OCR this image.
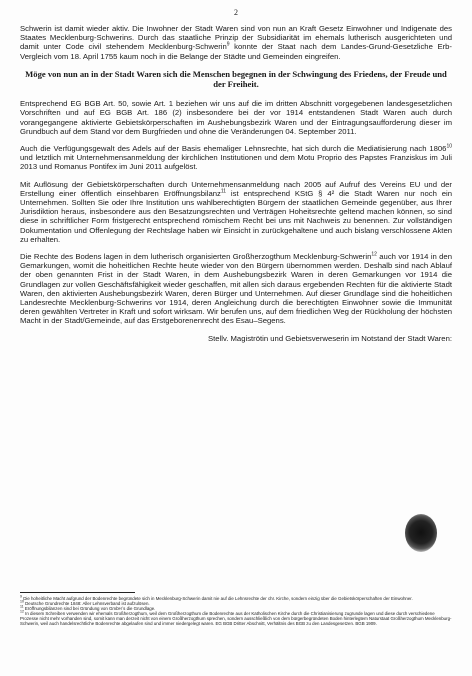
2

Schwerin ist damit wieder aktiv. Die Inwohner der Stadt Waren sind von nun an Kraft Gesetz Einwohner und Indigenate des Staates Mecklenburg-Schwerins. Durch das staatliche Prinzip der Subsidiarität im ehemals lutherisch ausgerichteten und damit unter Code civil stehendem Mecklenburg-Schwerin$^9$ konnte der Staat nach dem Landes-Grund-Gesetzliche Erb-Vergleich vom 18. April 1755 kaum noch in die Belange der Städte und Gemeinden eingreifen.

Möge von nun an in der Stadt Waren sich die Menschen begegnen in der Schwingung des Friedens, der Freude und der Freiheit.

Entsprechend EG BGB Art. 50, sowie Art. 1 beziehen wir uns auf die im dritten Abschnitt vorgegebenen landesgesetzlichen Vorschriften und auf EG BGB Art. 186 (2) insbesondere bei der vor 1914 entstandenen Stadt Waren auch durch vorangegangene aktivierte Gebietskörperschaften im Aushebungsbezirk Waren und der Eintragungsaufforderung dieser im Grundbuch auf dem Stand vor dem Burgfrieden und ohne die Veränderungen 04. September 2011.

Auch die Verfügungsgewalt des Adels auf der Basis ehemaliger Lehnsrechte, hat sich durch die Mediatisierung nach 1806$^{10}$ und letztlich mit Unternehmensanmeldung der kirchlichen Institutionen und dem Motu Proprio des Papstes Franziskus im Juli 2013 und Romanus Pontifex im Juni 2011 aufgelöst.

Mit Auflösung der Gebietskörperschaften durch Unternehmensanmeldung nach 2005 auf Aufruf des Vereins EU und der Erstellung einer öffentlich einsehbaren Eröffnungsbilanz$^{11}$ ist entsprechend KStG § 4² die Stadt Waren nur noch ein Unternehmen. Sollten Sie oder Ihre Institution uns wahlberechtigten Bürgern der staatlichen Gemeinde gegenüber, aus Ihrer Jurisdiktion heraus, insbesondere aus den Besatzungsrechten und Verträgen Hoheitsrechte geltend machen können, so sind diese in schriftlicher Form fristgerecht entsprechend römischem Recht bei uns mit Nachweis zu benennen. Zur vollständigen Dokumentation und Offenlegung der Rechtslage haben wir Einsicht in zurückgehaltene und auch bislang verschlossene Akten zu erhalten.

Die Rechte des Bodens lagen in dem lutherisch organisierten Großherzogthum Mecklenburg-Schwerin$^{12}$ auch vor 1914 in den Gemarkungen, womit die hoheitlichen Rechte heute wieder von den Bürgern übernommen werden. Deshalb sind nach Ablauf der oben genannten Frist in der Stadt Waren, in dem Aushebungsbezirk Waren in deren Gemarkungen vor 1914 die Grundlagen zur vollen Geschäftsfähigkeit wieder geschaffen, mit allen sich daraus ergebenden Rechten für die aktivierte Stadt Waren, den aktivierten Aushebungsbezirk Waren, deren Bürger und Unternehmen. Auf dieser Grundlage sind die hoheitlichen Landesrechte Mecklenburg-Schwerins vor 1914, deren Angleichung durch die berechtigten Einwohner sowie die Immunität deren gewählten Vertreter in Kraft und sofort wirksam. Wir berufen uns, auf dem friedlichen Weg der Rückholung der höchsten Macht in der Stadt/Gemeinde, auf das Erstgeborenenrecht des Esau–Segens.

Stellv. Magiströtin und Gebietsverweserin im Notstand der Stadt Waren:

$^9$ Die hoheitliche Macht aufgrund der Bodenrechte begründete sich in Mecklenburg-Schwerin damit nie auf die Lehnsrechte der chr. Kirche, sondern einzig über die Gebietskörperschaften der Einwohner.

$^{10}$ Deutsche Grundrechte 1848: Aller Lehnsverband ist aufzulösen.

$^{11}$ Eröffnungsbilanzen sind bei Gründung von GmbH´s die Grundlage.

$^{12}$ In diesem Schreiben verwenden wir ehemals Großherzogthum, weil dem Großherzogthum die Bodenrechte aus der Katholischen Kirche durch die Christianisierung zugrunde lagen und diese durch verschiedene Prozesse nicht mehr vorhanden sind, somit kann man derzeit nicht von einem Großherzogthum sprechen, sondern ausschließlich von dem bürgerbegründeten Boden hinterlegtem Naturstaat Großherzogthum Mecklenburg-Schwerin, weil auch handelsrechtliche Bodenrechte abgelaufen sind und immer niedergelegt waren. EG BGB Dritter Abschnitt, Verhältnis des BGB zu den Landesgesetzen. BGB 1909.
